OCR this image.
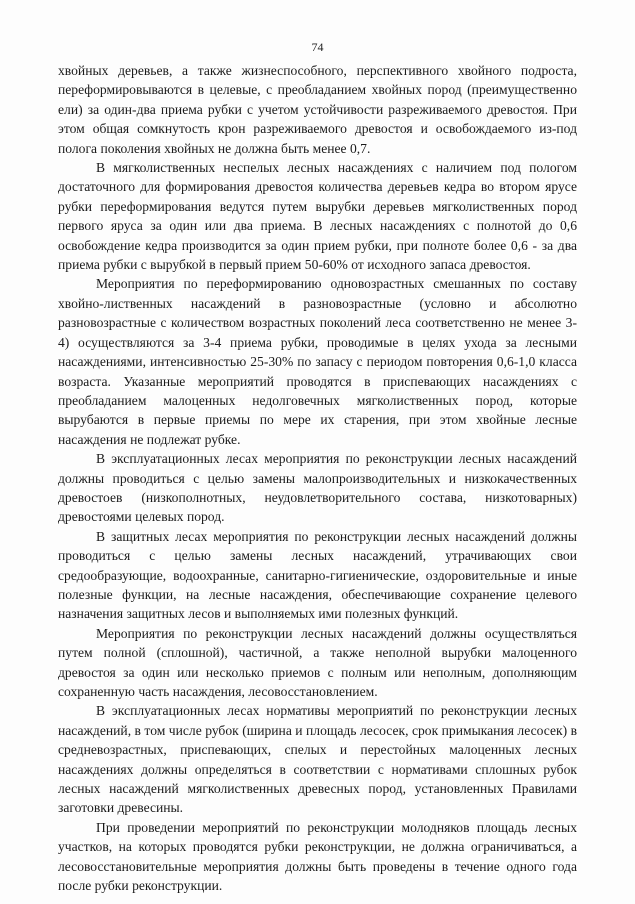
74

хвойных деревьев, а также жизнеспособного, перспективного хвойного подроста, переформировываются в целевые, с преобладанием хвойных пород (преимущественно ели) за один-два приема рубки с учетом устойчивости разреживаемого древостоя. При этом общая сомкнутость крон разреживаемого древостоя и освобождаемого из-под полога поколения хвойных не должна быть менее 0,7.

В мягколиственных неспелых лесных насаждениях с наличием под пологом достаточного для формирования древостоя количества деревьев кедра во втором ярусе рубки переформирования ведутся путем вырубки деревьев мягколиственных пород первого яруса за один или два приема. В лесных насаждениях с полнотой до 0,6 освобождение кедра производится за один прием рубки, при полноте более 0,6 - за два приема рубки с вырубкой в первый прием 50-60% от исходного запаса древостоя.

Мероприятия по переформированию одновозрастных смешанных по составу хвойно-лиственных насаждений в разновозрастные (условно и абсолютно разновозрастные с количеством возрастных поколений леса соответственно не менее 3-4) осуществляются за 3-4 приема рубки, проводимые в целях ухода за лесными насаждениями, интенсивностью 25-30% по запасу с периодом повторения 0,6-1,0 класса возраста. Указанные мероприятий проводятся в приспевающих насаждениях с преобладанием малоценных недолговечных мягколиственных пород, которые вырубаются в первые приемы по мере их старения, при этом хвойные лесные насаждения не подлежат рубке.

В эксплуатационных лесах мероприятия по реконструкции лесных насаждений должны проводиться с целью замены малопроизводительных и низкокачественных древостоев (низкополнотных, неудовлетворительного состава, низкотоварных) древостоями целевых пород.

В защитных лесах мероприятия по реконструкции лесных насаждений должны проводиться с целью замены лесных насаждений, утрачивающих свои средообразующие, водоохранные, санитарно-гигиенические, оздоровительные и иные полезные функции, на лесные насаждения, обеспечивающие сохранение целевого назначения защитных лесов и выполняемых ими полезных функций.

Мероприятия по реконструкции лесных насаждений должны осуществляться путем полной (сплошной), частичной, а также неполной вырубки малоценного древостоя за один или несколько приемов с полным или неполным, дополняющим сохраненную часть насаждения, лесовосстановлением.

В эксплуатационных лесах нормативы мероприятий по реконструкции лесных насаждений, в том числе рубок (ширина и площадь лесосек, срок примыкания лесосек) в средневозрастных, приспевающих, спелых и перестойных малоценных лесных насаждениях должны определяться в соответствии с нормативами сплошных рубок лесных насаждений мягколиственных древесных пород, установленных Правилами заготовки древесины.

При проведении мероприятий по реконструкции молодняков площадь лесных участков, на которых проводятся рубки реконструкции, не должна ограничиваться, а лесовосстановительные мероприятия должны быть проведены в течение одного года после рубки реконструкции.
